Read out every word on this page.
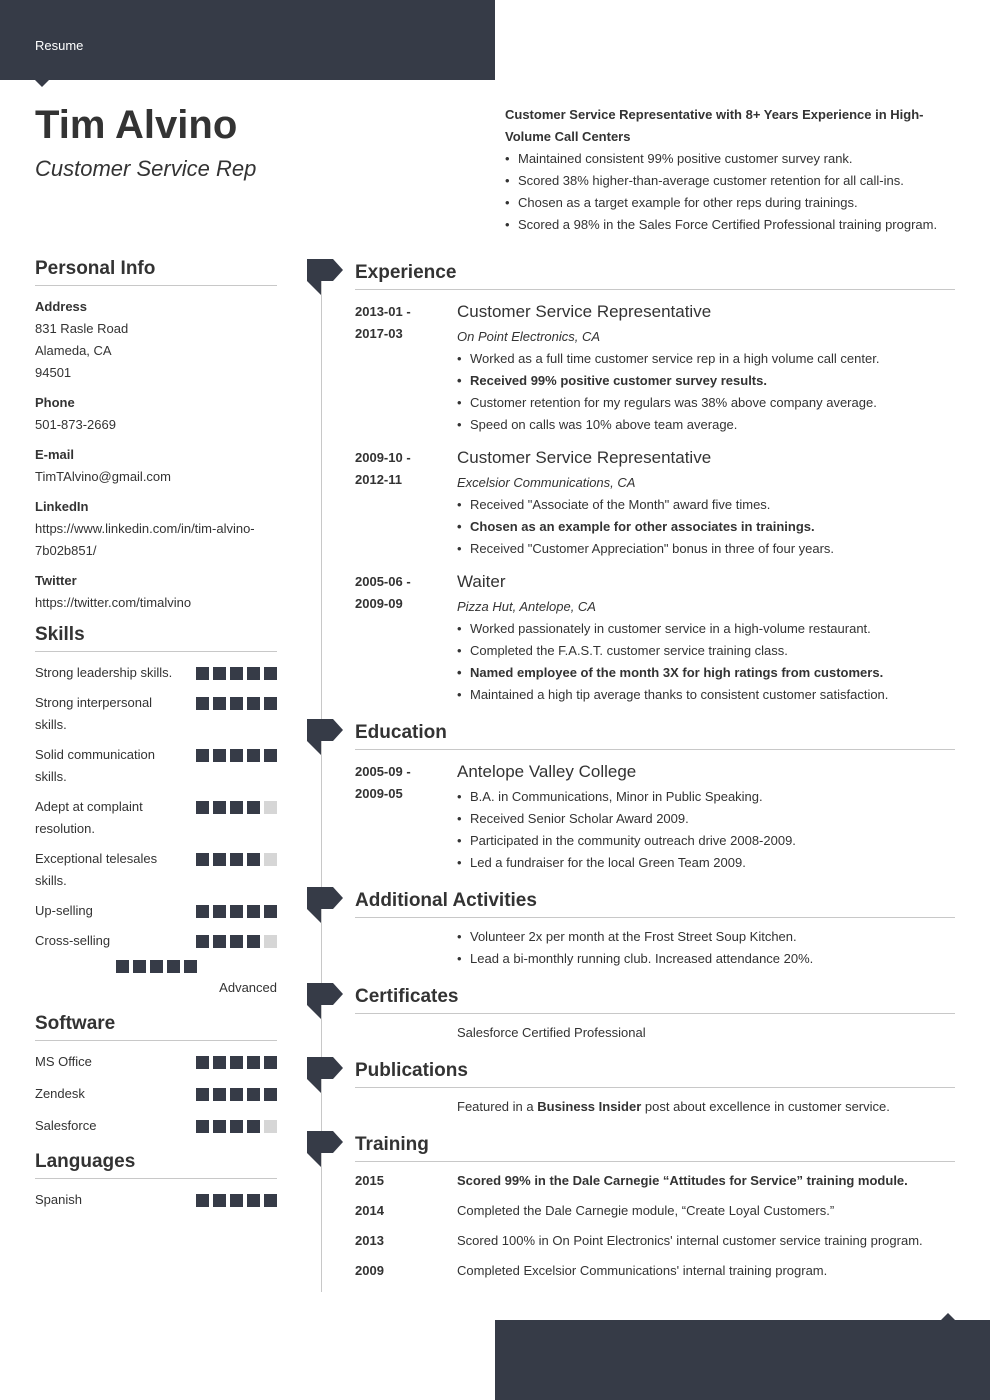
Resume
Tim Alvino
Customer Service Rep
Customer Service Representative with 8+ Years Experience in High-Volume Call Centers
• Maintained consistent 99% positive customer survey rank.
• Scored 38% higher-than-average customer retention for all call-ins.
• Chosen as a target example for other reps during trainings.
• Scored a 98% in the Sales Force Certified Professional training program.
Personal Info
Address
831 Rasle Road
Alameda, CA
94501
Phone
501-873-2669
E-mail
TimTAlvino@gmail.com
LinkedIn
https://www.linkedin.com/in/tim-alvino-
7b02b851/
Twitter
https://twitter.com/timalvino
Skills
Strong leadership skills.
Strong interpersonal skills.
Solid communication skills.
Adept at complaint resolution.
Exceptional telesales skills.
Up-selling
Cross-selling
Advanced
Software
MS Office
Zendesk
Salesforce
Languages
Spanish
Experience
2013-01 -
2017-03
Customer Service Representative
On Point Electronics, CA
• Worked as a full time customer service rep in a high volume call center.
• Received 99% positive customer survey results.
• Customer retention for my regulars was 38% above company average.
• Speed on calls was 10% above team average.
2009-10 -
2012-11
Customer Service Representative
Excelsior Communications, CA
• Received "Associate of the Month" award five times.
• Chosen as an example for other associates in trainings.
• Received "Customer Appreciation" bonus in three of four years.
2005-06 -
2009-09
Waiter
Pizza Hut, Antelope, CA
• Worked passionately in customer service in a high-volume restaurant.
• Completed the F.A.S.T. customer service training class.
• Named employee of the month 3X for high ratings from customers.
• Maintained a high tip average thanks to consistent customer satisfaction.
Education
2005-09 -
2009-05
Antelope Valley College
• B.A. in Communications, Minor in Public Speaking.
• Received Senior Scholar Award 2009.
• Participated in the community outreach drive 2008-2009.
• Led a fundraiser for the local Green Team 2009.
Additional Activities
• Volunteer 2x per month at the Frost Street Soup Kitchen.
• Lead a bi-monthly running club. Increased attendance 20%.
Certificates
Salesforce Certified Professional
Publications
Featured in a Business Insider post about excellence in customer service.
Training
2015	Scored 99% in the Dale Carnegie “Attitudes for Service” training module.
2014	Completed the Dale Carnegie module, “Create Loyal Customers.”
2013	Scored 100% in On Point Electronics' internal customer service training program.
2009	Completed Excelsior Communications' internal training program.
